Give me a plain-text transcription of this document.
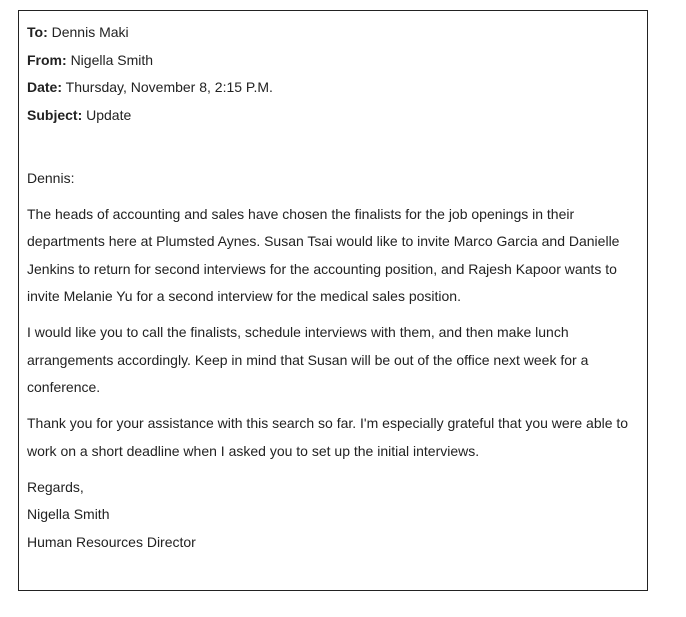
To: Dennis Maki
From: Nigella Smith
Date: Thursday, November 8, 2:15 P.M.
Subject: Update
Dennis:
The heads of accounting and sales have chosen the finalists for the job openings in their departments here at Plumsted Aynes. Susan Tsai would like to invite Marco Garcia and Danielle Jenkins to return for second interviews for the accounting position, and Rajesh Kapoor wants to invite Melanie Yu for a second interview for the medical sales position.
I would like you to call the finalists, schedule interviews with them, and then make lunch arrangements accordingly. Keep in mind that Susan will be out of the office next week for a conference.
Thank you for your assistance with this search so far. I'm especially grateful that you were able to work on a short deadline when I asked you to set up the initial interviews.
Regards,
Nigella Smith
Human Resources Director
